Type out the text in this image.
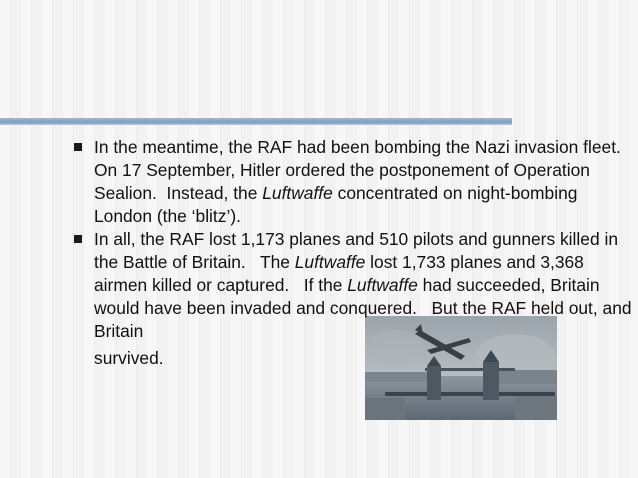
In the meantime, the RAF had been bombing the Nazi invasion fleet.   On 17 September, Hitler ordered the postponement of Operation Sealion.  Instead, the Luftwaffe concentrated on night-bombing London (the ‘blitz’).
In all, the RAF lost 1,173 planes and 510 pilots and gunners killed in the Battle of Britain.   The Luftwaffe lost 1,733 planes and 3,368 airmen killed or captured.   If the Luftwaffe had succeeded, Britain would have been invaded and conquered.   But the RAF held out, and Britain
survived.
